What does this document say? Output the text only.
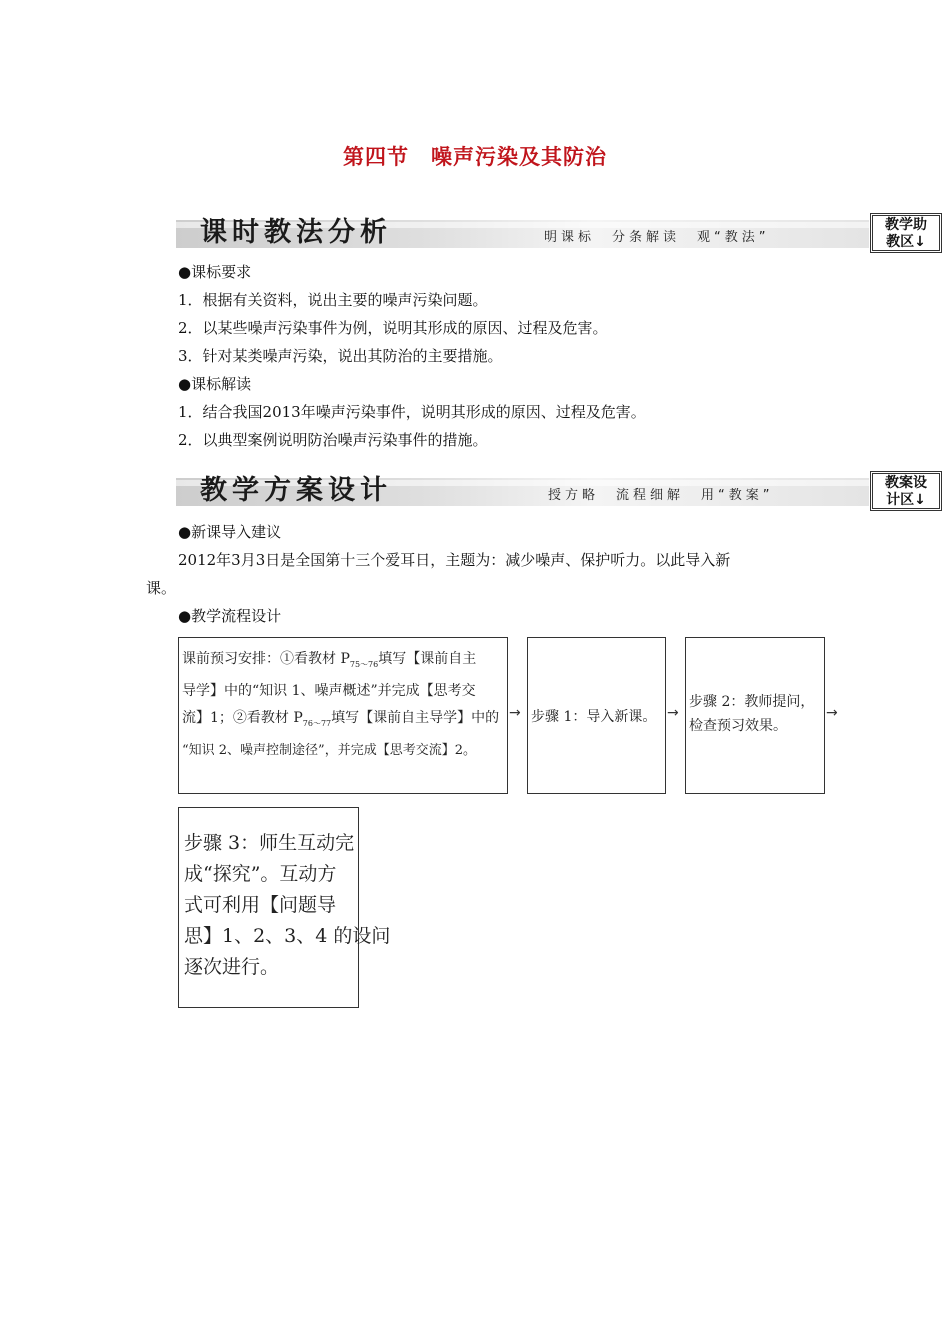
第四节　噪声污染及其防治
课时教法分析	明课标　分条解读　观“教法”
教学助
教区↓
●课标要求
1．根据有关资料，说出主要的噪声污染问题。
2．以某些噪声污染事件为例，说明其形成的原因、过程及危害。
3．针对某类噪声污染，说出其防治的主要措施。
●课标解读
1．结合我国2013年噪声污染事件，说明其形成的原因、过程及危害。
2．以典型案例说明防治噪声污染事件的措施。
教学方案设计	授方略　流程细解　用“教案”
教案设
计区↓
●新课导入建议
2012年3月3日是全国第十三个爱耳日，主题为：减少噪声、保护听力。以此导入新
课。
●教学流程设计
课前预习安排：①看教材 $P_{75\sim 76}$填写【课前自主
导学】中的“知识 1、噪声概述”并完成【思考交
流】1；②看教材 $P_{76\sim 77}$填写【课前自主导学】中的
“知识 2、噪声控制途径”，并完成【思考交流】2。
→ 步骤 1：导入新课。 →
步骤 2：教师提问，
检查预习效果。
→
步骤 3：师生互动完
成“探究”。互动方
式可利用【问题导
思】1、2、3、4 的设问
逐次进行。
